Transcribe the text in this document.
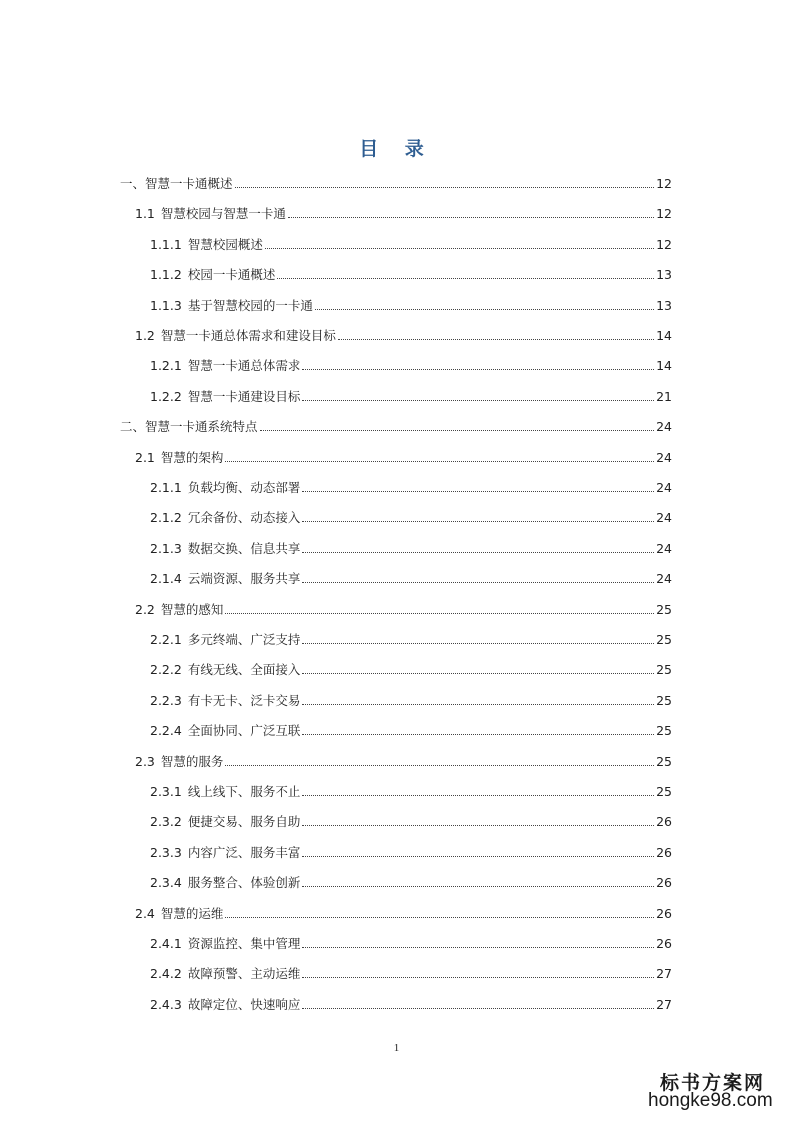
目 录
一、智慧一卡通概述	12
1.1 智慧校园与智慧一卡通	12
1.1.1 智慧校园概述	12
1.1.2 校园一卡通概述	13
1.1.3 基于智慧校园的一卡通	13
1.2 智慧一卡通总体需求和建设目标	14
1.2.1 智慧一卡通总体需求	14
1.2.2 智慧一卡通建设目标	21
二、智慧一卡通系统特点	24
2.1 智慧的架构	24
2.1.1 负载均衡、动态部署	24
2.1.2 冗余备份、动态接入	24
2.1.3 数据交换、信息共享	24
2.1.4 云端资源、服务共享	24
2.2 智慧的感知	25
2.2.1 多元终端、广泛支持	25
2.2.2 有线无线、全面接入	25
2.2.3 有卡无卡、泛卡交易	25
2.2.4 全面协同、广泛互联	25
2.3 智慧的服务	25
2.3.1 线上线下、服务不止	25
2.3.2 便捷交易、服务自助	26
2.3.3 内容广泛、服务丰富	26
2.3.4 服务整合、体验创新	26
2.4 智慧的运维	26
2.4.1 资源监控、集中管理	26
2.4.2 故障预警、主动运维	27
2.4.3 故障定位、快速响应	27
1
标书方案网
hongke98.com
